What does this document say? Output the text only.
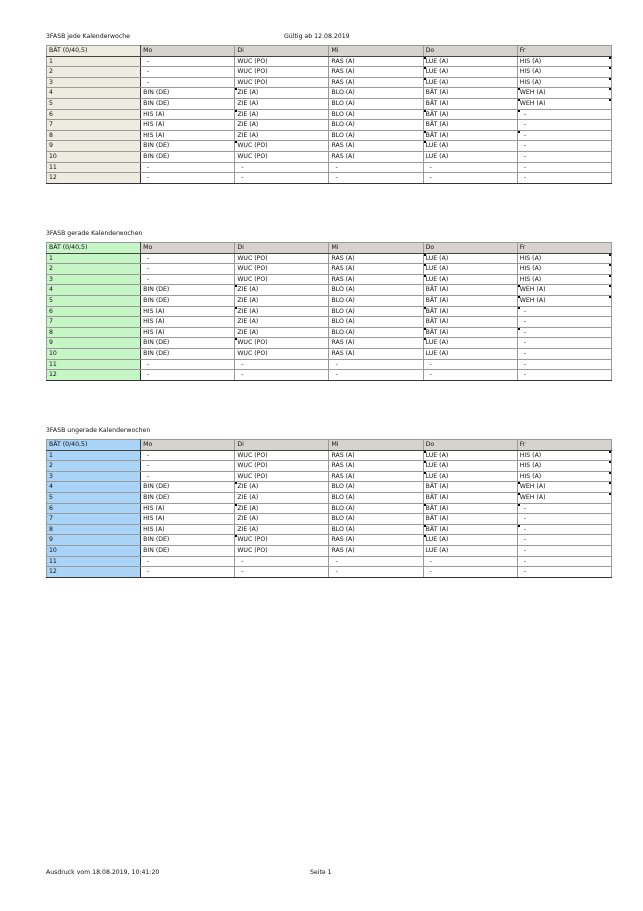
3FASB jede Kalenderwoche	Gültig ab 12.08.2019
3FASB gerade Kalenderwochen
3FASB ungerade Kalenderwochen
BÄT (0/40,5)	Mo	Di	Mi	Do	Fr
1	-	WUC (PO)	RAS (A)	LUE (A)	HIS (A)
2	-	WUC (PO)	RAS (A)	LUE (A)	HIS (A)
3	-	WUC (PO)	RAS (A)	LUE (A)	HIS (A)
4	BIN (DE)	ZIE (A)	BLO (A)	BÄT (A)	WEH (A)
5	BIN (DE)	ZIE (A)	BLO (A)	BÄT (A)	WEH (A)
6	HIS (A)	ZIE (A)	BLO (A)	BÄT (A)	-
7	HIS (A)	ZIE (A)	BLO (A)	BÄT (A)	-
8	HIS (A)	ZIE (A)	BLO (A)	BÄT (A)	-
9	BIN (DE)	WUC (PO)	RAS (A)	LUE (A)	-
10	BIN (DE)	WUC (PO)	RAS (A)	LUE (A)	-
11	-	-	-	-	-
12	-	-	-	-	-
BÄT (0/40,5)	Mo	Di	Mi	Do	Fr
1	-	WUC (PO)	RAS (A)	LUE (A)	HIS (A)
2	-	WUC (PO)	RAS (A)	LUE (A)	HIS (A)
3	-	WUC (PO)	RAS (A)	LUE (A)	HIS (A)
4	BIN (DE)	ZIE (A)	BLO (A)	BÄT (A)	WEH (A)
5	BIN (DE)	ZIE (A)	BLO (A)	BÄT (A)	WEH (A)
6	HIS (A)	ZIE (A)	BLO (A)	BÄT (A)	-
7	HIS (A)	ZIE (A)	BLO (A)	BÄT (A)	-
8	HIS (A)	ZIE (A)	BLO (A)	BÄT (A)	-
9	BIN (DE)	WUC (PO)	RAS (A)	LUE (A)	-
10	BIN (DE)	WUC (PO)	RAS (A)	LUE (A)	-
11	-	-	-	-	-
12	-	-	-	-	-
BÄT (0/40,5)	Mo	Di	Mi	Do	Fr
1	-	WUC (PO)	RAS (A)	LUE (A)	HIS (A)
2	-	WUC (PO)	RAS (A)	LUE (A)	HIS (A)
3	-	WUC (PO)	RAS (A)	LUE (A)	HIS (A)
4	BIN (DE)	ZIE (A)	BLO (A)	BÄT (A)	WEH (A)
5	BIN (DE)	ZIE (A)	BLO (A)	BÄT (A)	WEH (A)
6	HIS (A)	ZIE (A)	BLO (A)	BÄT (A)	-
7	HIS (A)	ZIE (A)	BLO (A)	BÄT (A)	-
8	HIS (A)	ZIE (A)	BLO (A)	BÄT (A)	-
9	BIN (DE)	WUC (PO)	RAS (A)	LUE (A)	-
10	BIN (DE)	WUC (PO)	RAS (A)	LUE (A)	-
11	-	-	-	-	-
12	-	-	-	-	-
Ausdruck vom 18.08.2019, 10:41:20	Seite 1
